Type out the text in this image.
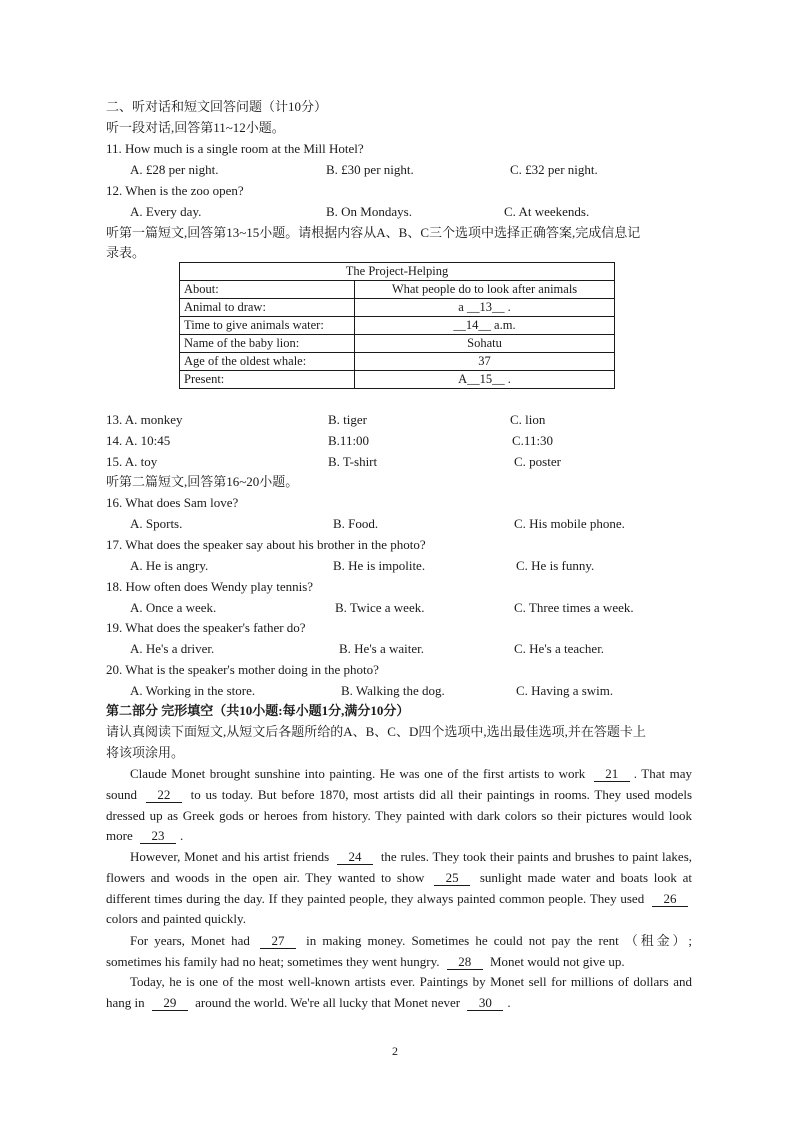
二、听对话和短文回答问题（计10分）
听一段对话,回答第11~12小题。
11. How much is a single room at the Mill Hotel?
A. £28 per night.	B. £30 per night.	C. £32 per night.
12. When is the zoo open?
A. Every day.	B. On Mondays.	C. At weekends.
听第一篇短文,回答第13~15小题。请根据内容从A、B、C三个选项中选择正确答案,完成信息记
录表。
The Project-Helping	
About:	What people do to look after animals
Animal to draw:	a __13__ .
Time to give animals water:	__14__ a.m.
Name of the baby lion:	Sohatu
Age of the oldest whale:	37
Present:	A__15__ .
13. A. monkey	B. tiger	C. lion
14. A. 10:45	B.11:00	C.11:30
15. A. toy	B. T-shirt	C. poster
听第二篇短文,回答第16~20小题。
16. What does Sam love?
A. Sports.	B. Food.	C. His mobile phone.
17. What does the speaker say about his brother in the photo?
A. He is angry.	B. He is impolite.	C. He is funny.
18. How often does Wendy play tennis?
A. Once a week.	B. Twice a week.	C. Three times a week.
19. What does the speaker's father do?
A. He's a driver.	B. He's a waiter.	C. He's a teacher.
20. What is the speaker's mother doing in the photo?
A. Working in the store.	B. Walking the dog.	C. Having a swim.
第二部分 完形填空（共10小题:每小题1分,满分10分）
请认真阅读下面短文,从短文后各题所给的A、B、C、D四个选项中,选出最佳选项,并在答题卡上
将该项涂用。
Claude Monet brought sunshine into painting. He was one of the first artists to work 21 . That may sound 22 to us today. But before 1870, most artists did all their paintings in rooms. They used models dressed up as Greek gods or heroes from history. They painted with dark colors so their pictures would look more 23 .
However, Monet and his artist friends 24 the rules. They took their paints and brushes to paint lakes, flowers and woods in the open air. They wanted to show 25 sunlight made water and boats look at different times during the day. If they painted people, they always painted common people. They used 26 colors and painted quickly.
For years, Monet had 27 in making money. Sometimes he could not pay the rent （租金）; sometimes his family had no heat; sometimes they went hungry. 28 Monet would not give up.
Today, he is one of the most well-known artists ever. Paintings by Monet sell for millions of dollars and hang in 29 around the world. We're all lucky that Monet never 30 .
2
